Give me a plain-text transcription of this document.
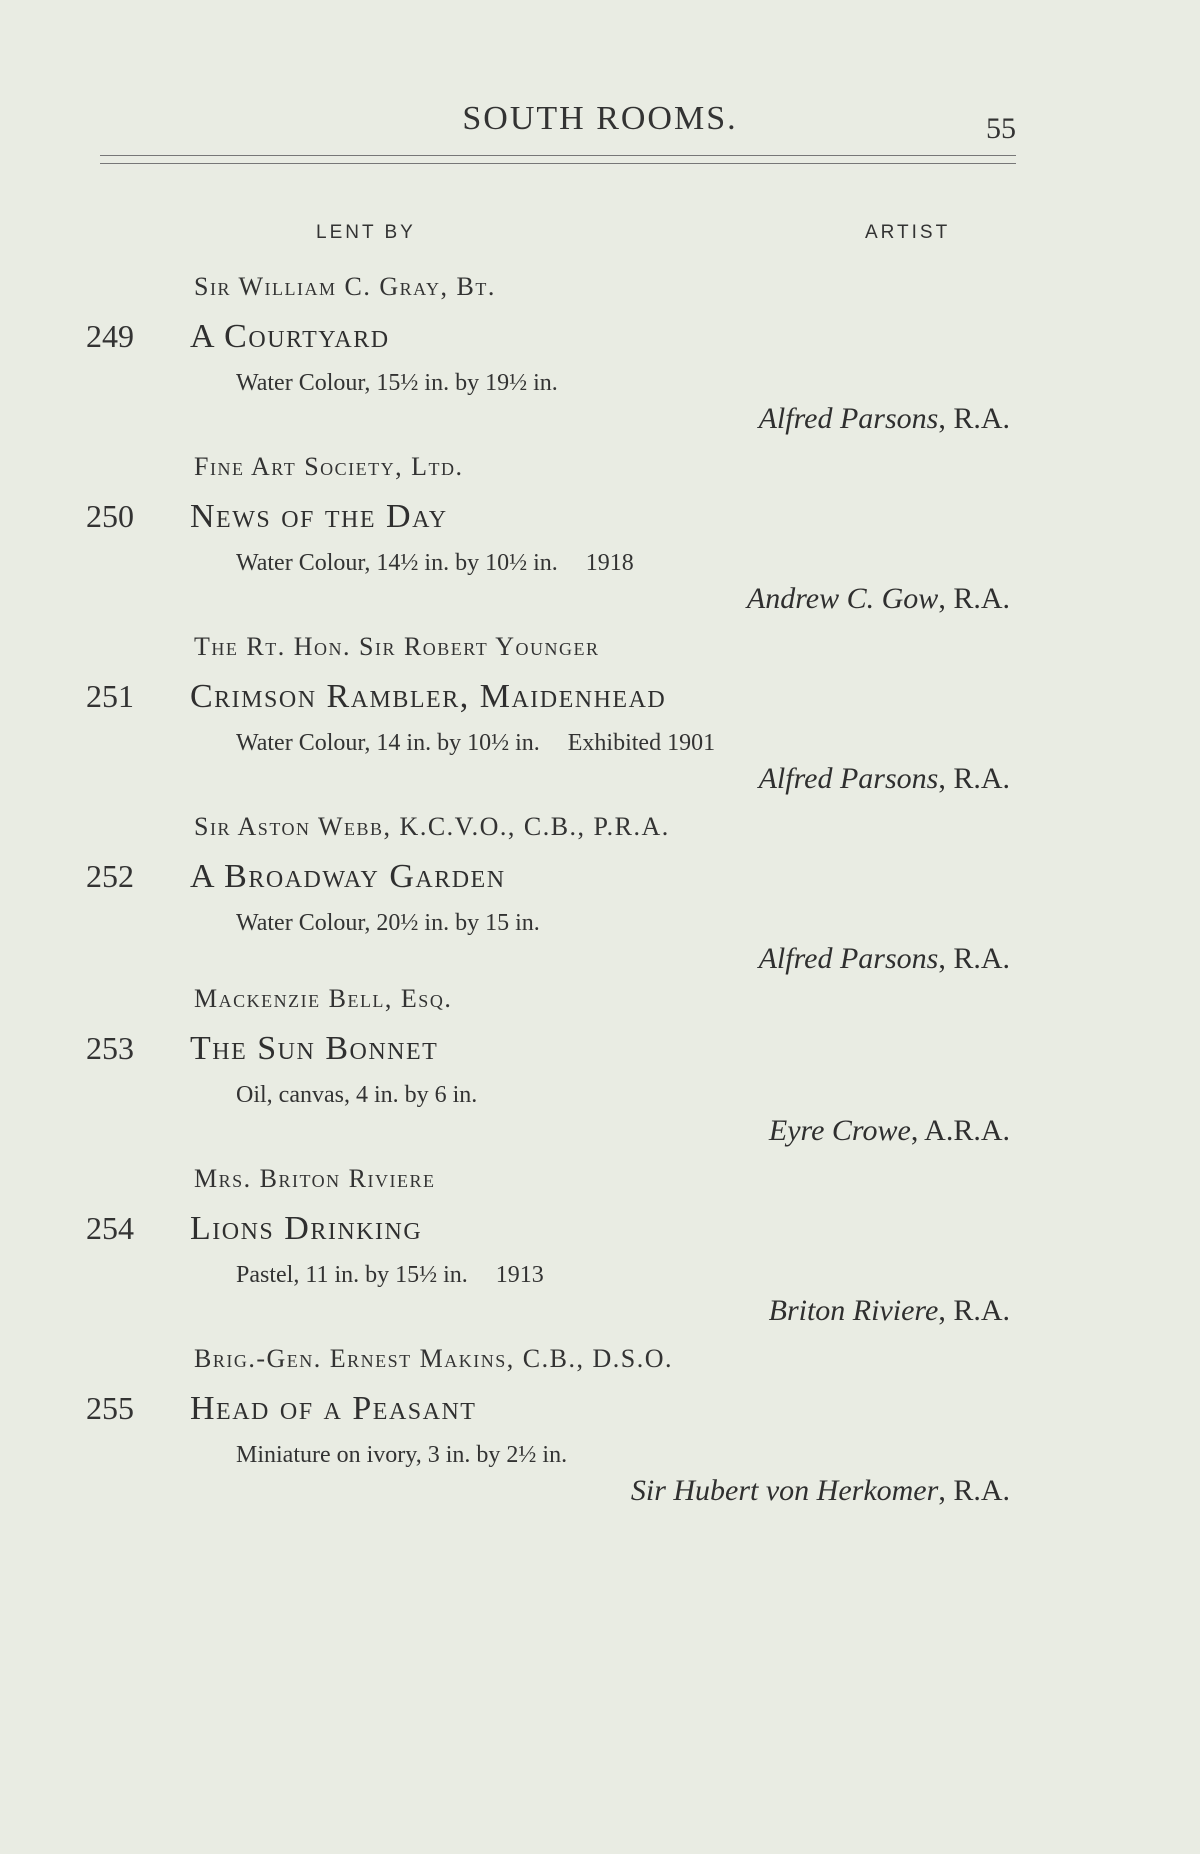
SOUTH ROOMS.	55
LENT BY	ARTIST
Sir William C. Gray, Bt.
249	A Courtyard
Water Colour, 15½ in. by 19½ in.
Alfred Parsons, R.A.
Fine Art Society, Ltd.
250	News of the Day
Water Colour, 14½ in. by 10½ in. 1918
Andrew C. Gow, R.A.
The Rt. Hon. Sir Robert Younger
251	Crimson Rambler, Maidenhead
Water Colour, 14 in. by 10½ in. Exhibited 1901
Alfred Parsons, R.A.
Sir Aston Webb, K.C.V.O., C.B., P.R.A.
252	A Broadway Garden
Water Colour, 20½ in. by 15 in.
Alfred Parsons, R.A.
Mackenzie Bell, Esq.
253	The Sun Bonnet
Oil, canvas, 4 in. by 6 in.
Eyre Crowe, A.R.A.
Mrs. Briton Riviere
254	Lions Drinking
Pastel, 11 in. by 15½ in. 1913
Briton Riviere, R.A.
Brig.-Gen. Ernest Makins, C.B., D.S.O.
255	Head of a Peasant
Miniature on ivory, 3 in. by 2½ in.
Sir Hubert von Herkomer, R.A.
